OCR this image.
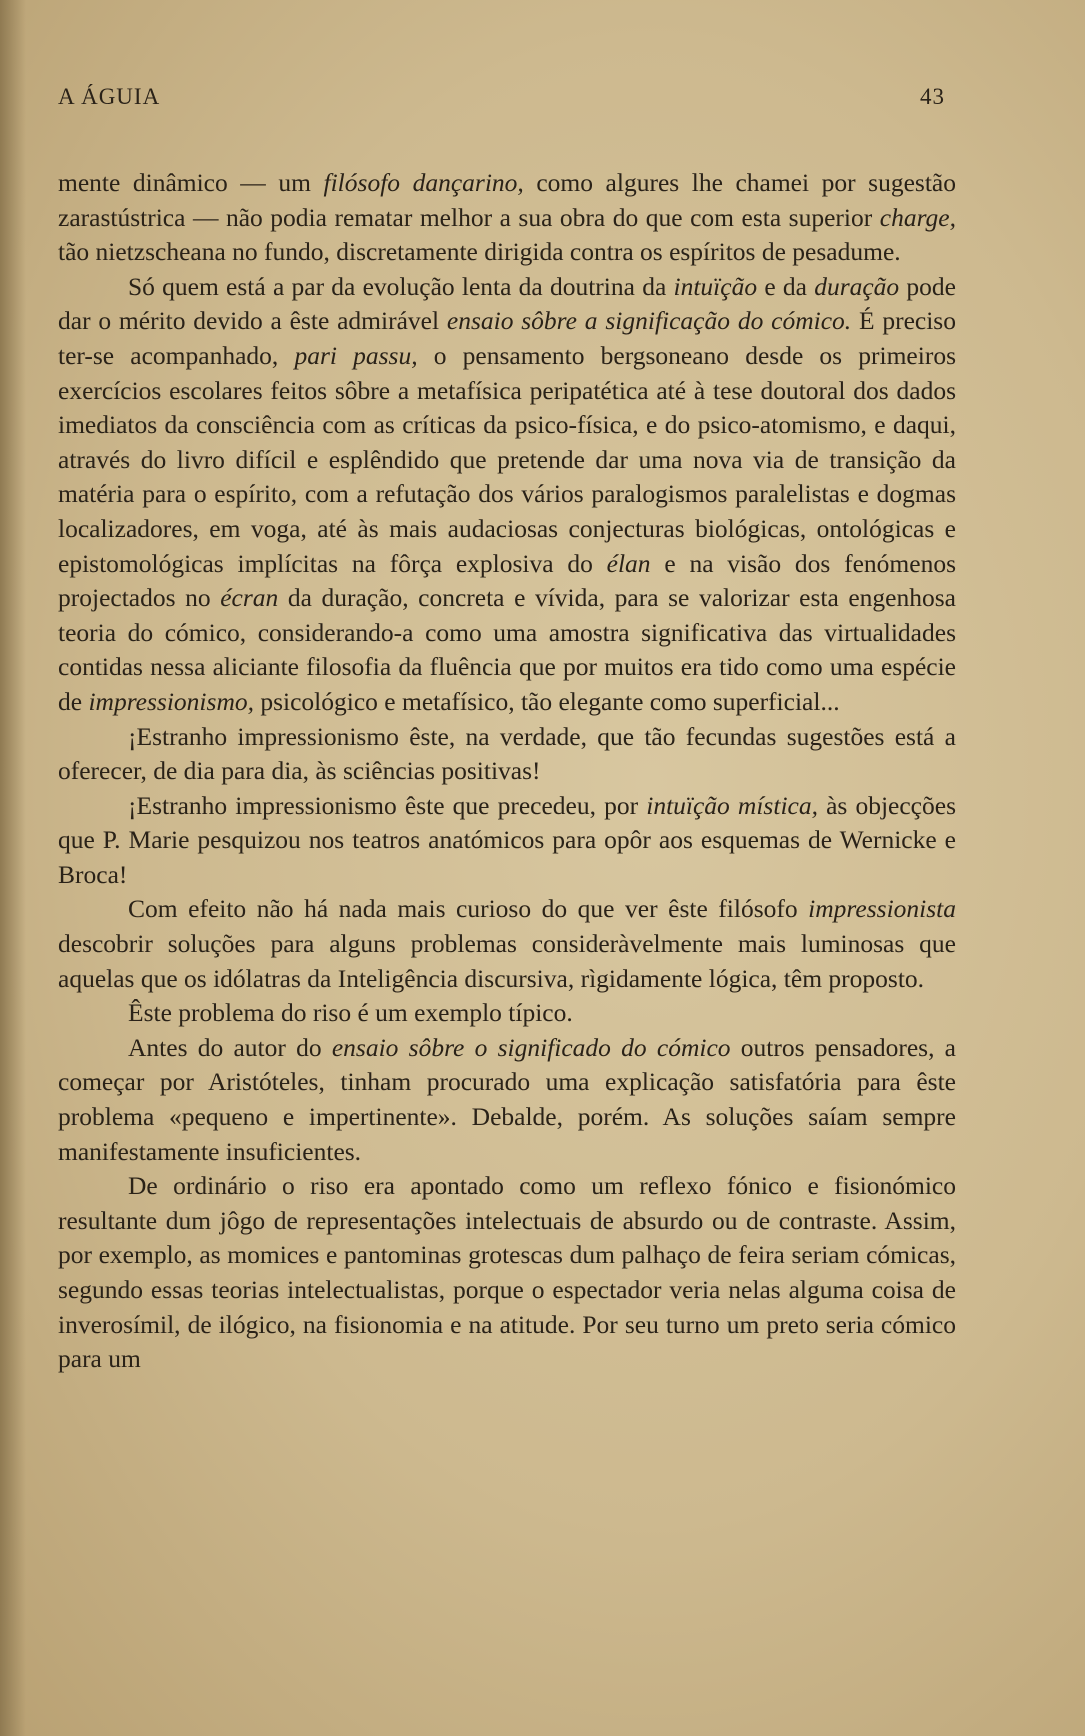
A ÁGUIA	43

mente dinâmico — um filósofo dançarino, como algures lhe chamei por sugestão zarastústrica — não podia rematar melhor a sua obra do que com esta superior charge, tão nietzscheana no fundo, discretamente dirigida contra os espíritos de pesadume.

Só quem está a par da evolução lenta da doutrina da intuïção e da duração pode dar o mérito devido a êste admirável ensaio sôbre a significação do cómico. É preciso ter-se acompanhado, pari passu, o pensamento bergsoneano desde os primeiros exercícios escolares feitos sôbre a metafísica peripatética até à tese doutoral dos dados imediatos da consciência com as críticas da psico-física, e do psico-atomismo, e daqui, através do livro difícil e esplêndido que pretende dar uma nova via de transição da matéria para o espírito, com a refutação dos vários paralogismos paralelistas e dogmas localizadores, em voga, até às mais audaciosas conjecturas biológicas, ontológicas e epistomológicas implícitas na fôrça explosiva do élan e na visão dos fenómenos projectados no écran da duração, concreta e vívida, para se valorizar esta engenhosa teoria do cómico, considerando-a como uma amostra significativa das virtualidades contidas nessa aliciante filosofia da fluência que por muitos era tido como uma espécie de impressionismo, psicológico e metafísico, tão elegante como superficial...

¡Estranho impressionismo êste, na verdade, que tão fecundas sugestões está a oferecer, de dia para dia, às sciências positivas!

¡Estranho impressionismo êste que precedeu, por intuïção mística, às objecções que P. Marie pesquizou nos teatros anatómicos para opôr aos esquemas de Wernicke e Broca!

Com efeito não há nada mais curioso do que ver êste filósofo impressionista descobrir soluções para alguns problemas consideràvelmente mais luminosas que aquelas que os idólatras da Inteligência discursiva, rìgidamente lógica, têm proposto.

Êste problema do riso é um exemplo típico.

Antes do autor do ensaio sôbre o significado do cómico outros pensadores, a começar por Aristóteles, tinham procurado uma explicação satisfatória para êste problema «pequeno e impertinente». Debalde, porém. As soluções saíam sempre manifestamente insuficientes.

De ordinário o riso era apontado como um reflexo fónico e fisionómico resultante dum jôgo de representações intelectuais de absurdo ou de contraste. Assim, por exemplo, as momices e pantominas grotescas dum palhaço de feira seriam cómicas, segundo essas teorias intelectualistas, porque o espectador veria nelas alguma coisa de inverosímil, de ilógico, na fisionomia e na atitude. Por seu turno um preto seria cómico para um
